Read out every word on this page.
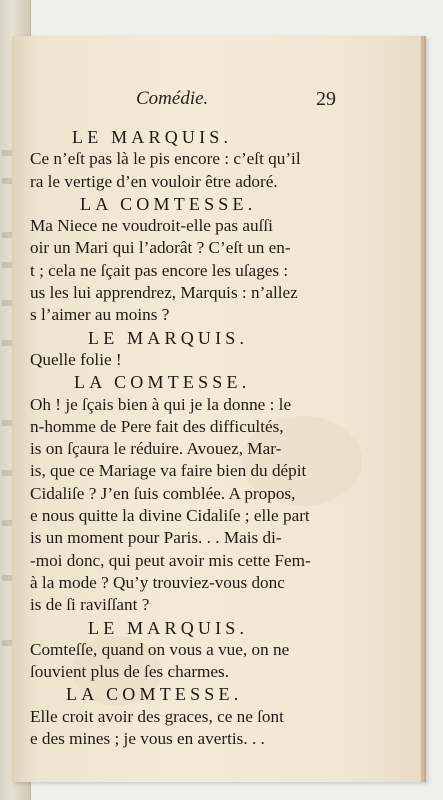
Comédie.	29
LE MARQUIS.
Ce n’eſt pas là le pis encore : c’eſt qu’il
ra le vertige d’en vouloir être adoré.
LA COMTESSE.
Ma Niece ne voudroit-elle pas auſſi
oir un Mari qui l’adorât ? C’eſt un en-
t ; cela ne ſçait pas encore les uſages :
us les lui apprendrez, Marquis : n’allez
s l’aimer au moins ?
LE MARQUIS.
Quelle folie !
LA COMTESSE.
Oh ! je ſçais bien à qui je la donne : le
n-homme de Pere fait des difficultés,
is on ſçaura le réduire. Avouez, Mar-
is, que ce Mariage va faire bien du dépit
Cidaliſe ? J’en ſuis comblée. A propos,
e nous quitte la divine Cidaliſe ; elle part
is un moment pour Paris. . . Mais di-
-moi donc, qui peut avoir mis cette Fem-
à la mode ? Qu’y trouviez-vous donc
is de ſi raviſſant ?
LE MARQUIS.
Comteſſe, quand on vous a vue, on ne
ſouvient plus de ſes charmes.
LA COMTESSE.
Elle croit avoir des graces, ce ne ſont
e des mines ; je vous en avertis. . .
